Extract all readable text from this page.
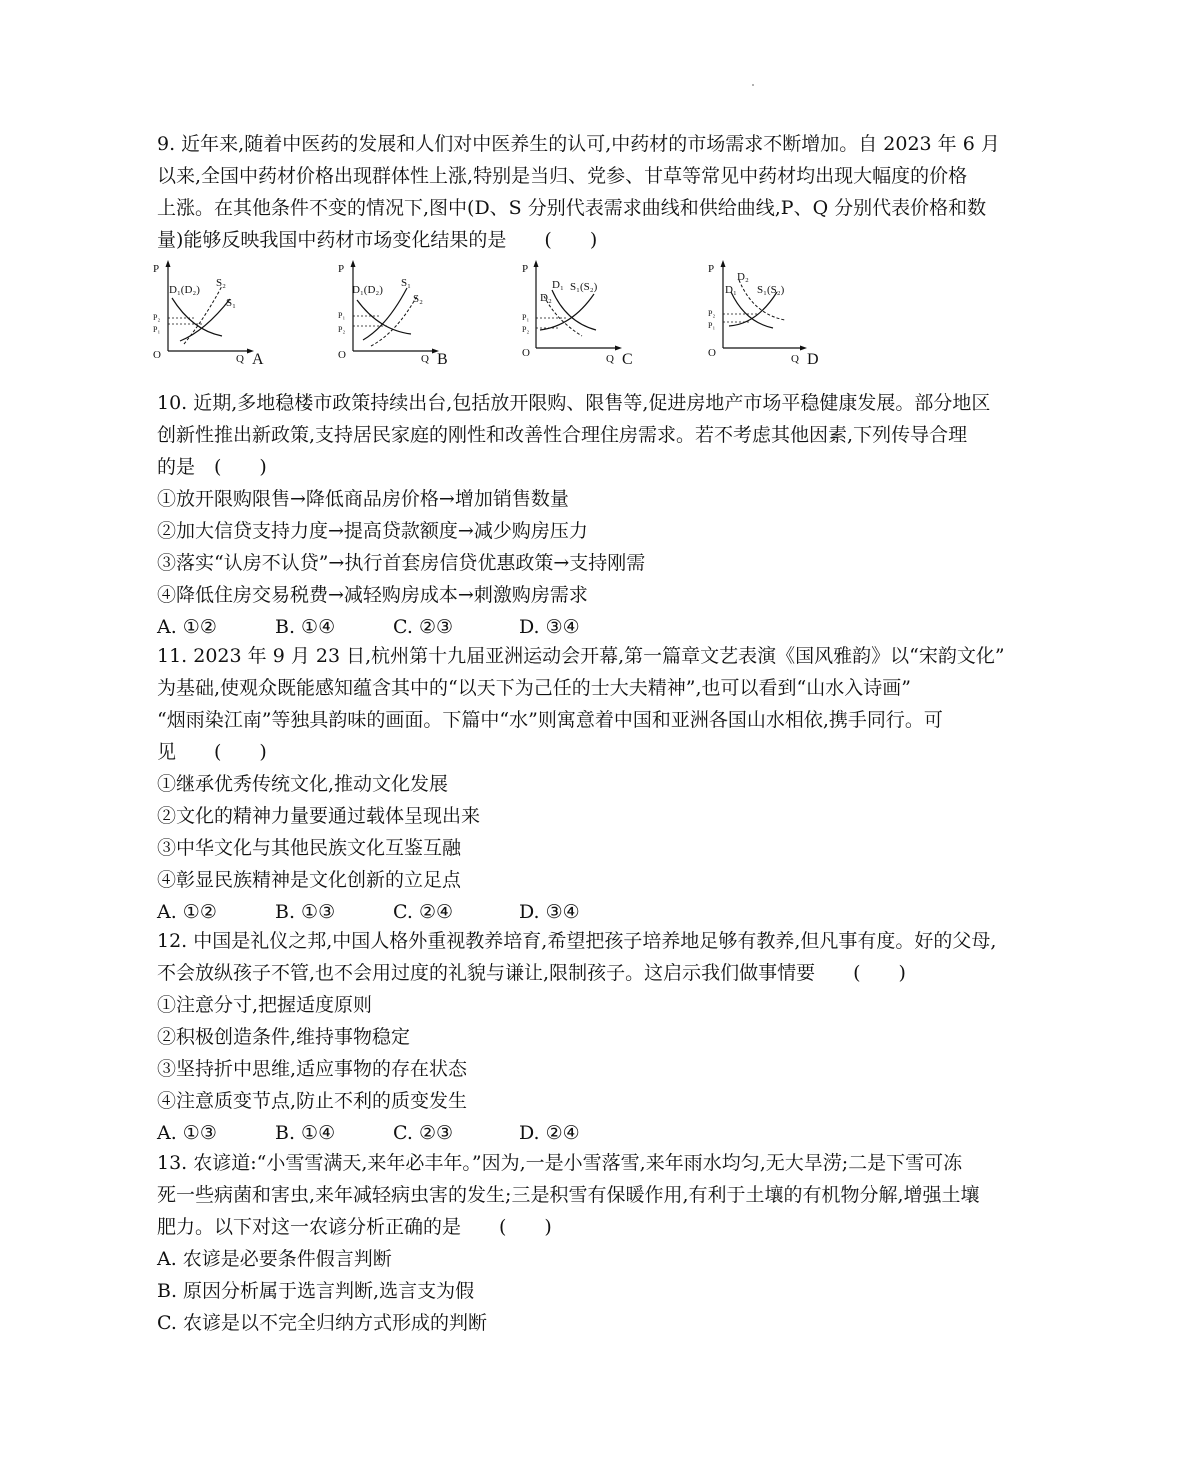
9. 近年来,随着中医药的发展和人们对中医养生的认可,中药材的市场需求不断增加。自 2023 年 6 月
以来,全国中药材价格出现群体性上涨,特别是当归、党参、甘草等常见中药材均出现大幅度的价格
上涨。在其他条件不变的情况下,图中(D、S 分别代表需求曲线和供给曲线,P、Q 分别代表价格和数
量)能够反映我国中药材市场变化结果的是　　(　　)
P
D₁(D₂)
S₂
S₁
P₂
P₁
O	Q A
P
D₁(D₂)
S₁
S₂
P₁
P₂
O	Q B
P
D₁
D₂
S₁(S₂)
P₁
P₂
O	Q C
P
D₂
D₁ S₁(S₂)
P₂
P₁
O	Q D
10. 近期,多地稳楼市政策持续出台,包括放开限购、限售等,促进房地产市场平稳健康发展。部分地区
创新性推出新政策,支持居民家庭的刚性和改善性合理住房需求。若不考虑其他因素,下列传导合理
的是　(　　)
①放开限购限售→降低商品房价格→增加销售数量
②加大信贷支持力度→提高贷款额度→减少购房压力
③落实“认房不认贷”→执行首套房信贷优惠政策→支持刚需
④降低住房交易税费→减轻购房成本→刺激购房需求
A. ①②	B. ①④	C. ②③	D. ③④
11. 2023 年 9 月 23 日,杭州第十九届亚洲运动会开幕,第一篇章文艺表演《国风雅韵》以“宋韵文化”
为基础,使观众既能感知蕴含其中的“以天下为己任的士大夫精神”,也可以看到“山水入诗画”
“烟雨染江南”等独具韵味的画面。下篇中“水”则寓意着中国和亚洲各国山水相依,携手同行。可
见　　(　　)
①继承优秀传统文化,推动文化发展
②文化的精神力量要通过载体呈现出来
③中华文化与其他民族文化互鉴互融
④彰显民族精神是文化创新的立足点
A. ①②	B. ①③	C. ②④	D. ③④
12. 中国是礼仪之邦,中国人格外重视教养培育,希望把孩子培养地足够有教养,但凡事有度。好的父母,
不会放纵孩子不管,也不会用过度的礼貌与谦让,限制孩子。这启示我们做事情要　　(　　)
①注意分寸,把握适度原则
②积极创造条件,维持事物稳定
③坚持折中思维,适应事物的存在状态
④注意质变节点,防止不利的质变发生
A. ①③	B. ①④	C. ②③	D. ②④
13. 农谚道:“小雪雪满天,来年必丰年。”因为,一是小雪落雪,来年雨水均匀,无大旱涝;二是下雪可冻
死一些病菌和害虫,来年减轻病虫害的发生;三是积雪有保暖作用,有利于土壤的有机物分解,增强土壤
肥力。以下对这一农谚分析正确的是　　(　　)
A. 农谚是必要条件假言判断
B. 原因分析属于选言判断,选言支为假
C. 农谚是以不完全归纳方式形成的判断
